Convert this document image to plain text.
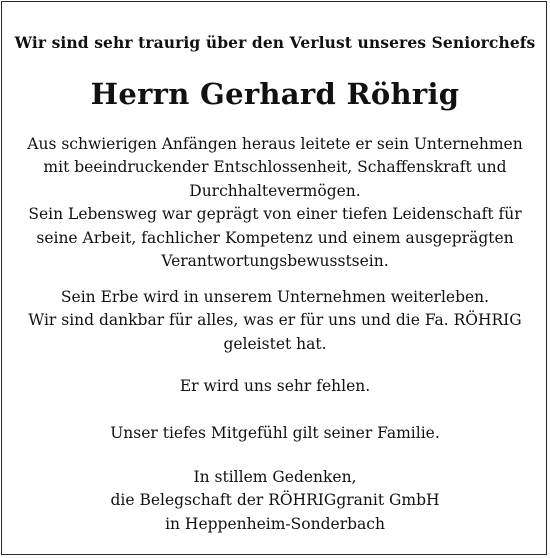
Wir sind sehr traurig über den Verlust unseres Seniorchefs
Herrn Gerhard Röhrig
Aus schwierigen Anfängen heraus leitete er sein Unternehmen
mit beeindruckender Entschlossenheit, Schaffenskraft und
Durchhaltevermögen.
Sein Lebensweg war geprägt von einer tiefen Leidenschaft für
seine Arbeit, fachlicher Kompetenz und einem ausgeprägten
Verantwortungsbewusstsein.
Sein Erbe wird in unserem Unternehmen weiterleben.
Wir sind dankbar für alles, was er für uns und die Fa. RÖHRIG
geleistet hat.
Er wird uns sehr fehlen.
Unser tiefes Mitgefühl gilt seiner Familie.
In stillem Gedenken,
die Belegschaft der RÖHRIGgranit GmbH
in Heppenheim-Sonderbach
